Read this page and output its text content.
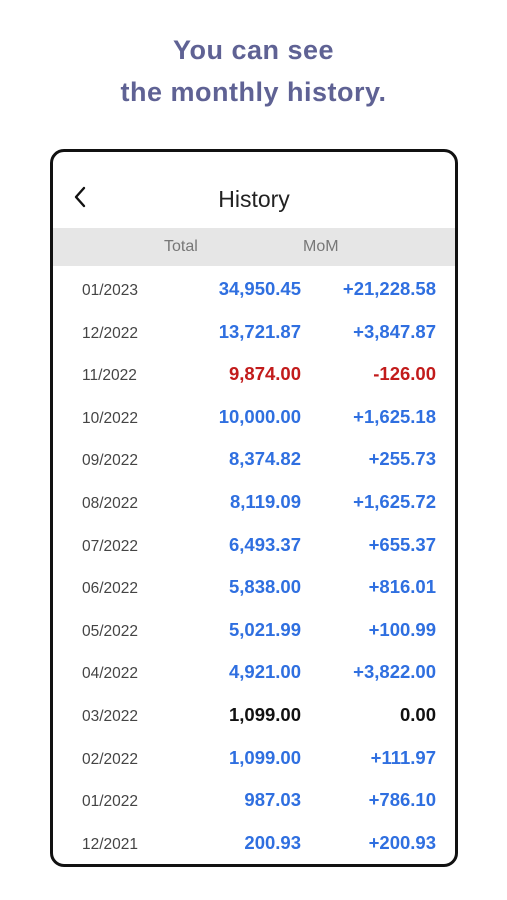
You can see
the monthly history.
History
Total	MoM
01/2023	34,950.45 +21,228.58
12/2022	13,721.87	+3,847.87
11/2022	9,874.00	-126.00
10/2022	10,000.00	+1,625.18
09/2022	8,374.82	+255.73
08/2022	8,119.09	+1,625.72
07/2022	6,493.37	+655.37
06/2022	5,838.00	+816.01
05/2022	5,021.99	+100.99
04/2022	4,921.00	+3,822.00
03/2022	1,099.00	0.00
02/2022	1,099.00	+111.97
01/2022	987.03	+786.10
12/2021	200.93	+200.93
